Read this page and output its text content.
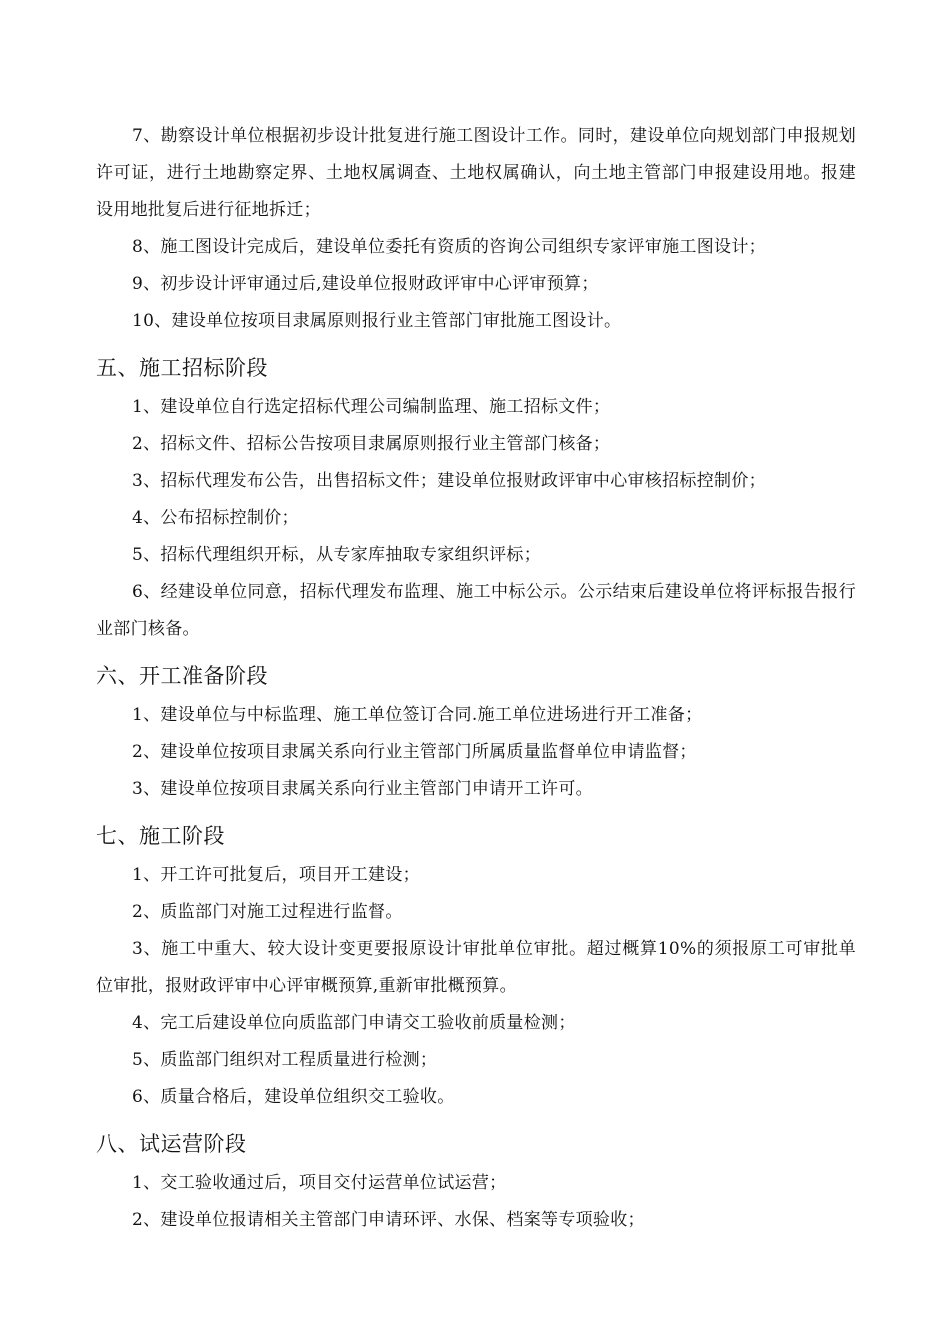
7、勘察设计单位根据初步设计批复进行施工图设计工作。同时，建设单位向规划部门申报规划许可证，进行土地勘察定界、土地权属调查、土地权属确认，向土地主管部门申报建设用地。报建设用地批复后进行征地拆迁；

8、施工图设计完成后，建设单位委托有资质的咨询公司组织专家评审施工图设计；

9、初步设计评审通过后,建设单位报财政评审中心评审预算；

10、建设单位按项目隶属原则报行业主管部门审批施工图设计。

五、施工招标阶段

1、建设单位自行选定招标代理公司编制监理、施工招标文件；

2、招标文件、招标公告按项目隶属原则报行业主管部门核备；

3、招标代理发布公告，出售招标文件；建设单位报财政评审中心审核招标控制价；

4、公布招标控制价；

5、招标代理组织开标，从专家库抽取专家组织评标；

6、经建设单位同意，招标代理发布监理、施工中标公示。公示结束后建设单位将评标报告报行业部门核备。

六、开工准备阶段

1、建设单位与中标监理、施工单位签订合同.施工单位进场进行开工准备；

2、建设单位按项目隶属关系向行业主管部门所属质量监督单位申请监督；

3、建设单位按项目隶属关系向行业主管部门申请开工许可。

七、施工阶段

1、开工许可批复后，项目开工建设；

2、质监部门对施工过程进行监督。

3、施工中重大、较大设计变更要报原设计审批单位审批。超过概算10%的须报原工可审批单位审批，报财政评审中心评审概预算,重新审批概预算。

4、完工后建设单位向质监部门申请交工验收前质量检测；

5、质监部门组织对工程质量进行检测；

6、质量合格后，建设单位组织交工验收。

八、试运营阶段

1、交工验收通过后，项目交付运营单位试运营；

2、建设单位报请相关主管部门申请环评、水保、档案等专项验收；
